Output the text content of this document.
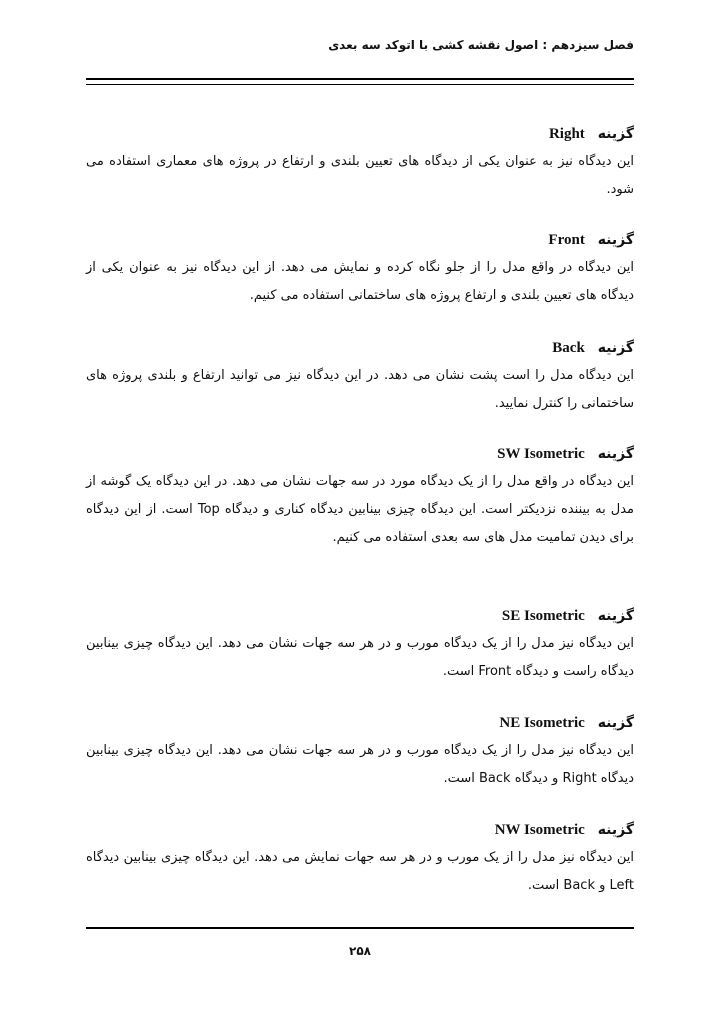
فصل سیزدهم : اصول نقشه کشی با اتوکد سه بعدی

گزینه Right

این دیدگاه نیز به عنوان یکی از دیدگاه های تعیین بلندی و ارتفاع در پروژه های معماری استفاده می شود.

گزینه Front

این دیدگاه در واقع مدل را از جلو نگاه کرده و نمایش می دهد. از این دیدگاه نیز به عنوان یکی از دیدگاه های تعیین بلندی و ارتفاع پروژه های ساختمانی استفاده می کنیم.

گزنیه Back

این دیدگاه مدل را است پشت نشان می دهد. در این دیدگاه نیز می توانید ارتفاع و بلندی پروژه های ساختمانی را کنترل نمایید.

گزینه SW Isometric

این دیدگاه در واقع مدل را از یک دیدگاه مورد در سه جهات نشان می دهد. در این دیدگاه یک گوشه از مدل به بیننده نزدیکتر است. این دیدگاه چیزی بینابین دیدگاه کناری و دیدگاه Top است. از این دیدگاه برای دیدن تمامیت مدل های سه بعدی استفاده می کنیم.

گزینه SE Isometric

این دیدگاه نیز مدل را از یک دیدگاه مورب و در هر سه جهات نشان می دهد. این دیدگاه چیزی بینابین دیدگاه راست و دیدگاه Front است.

گزینه NE Isometric

این دیدگاه نیز مدل را از یک دیدگاه مورب و در هر سه جهات نشان می دهد. این دیدگاه چیزی بینابین دیدگاه Right و دیدگاه Back است.

گزینه NW Isometric

این دیدگاه نیز مدل را از یک مورب و در هر سه جهات نمایش می دهد. این دیدگاه چیزی بینابین دیدگاه Left و Back است.

۲۵۸
